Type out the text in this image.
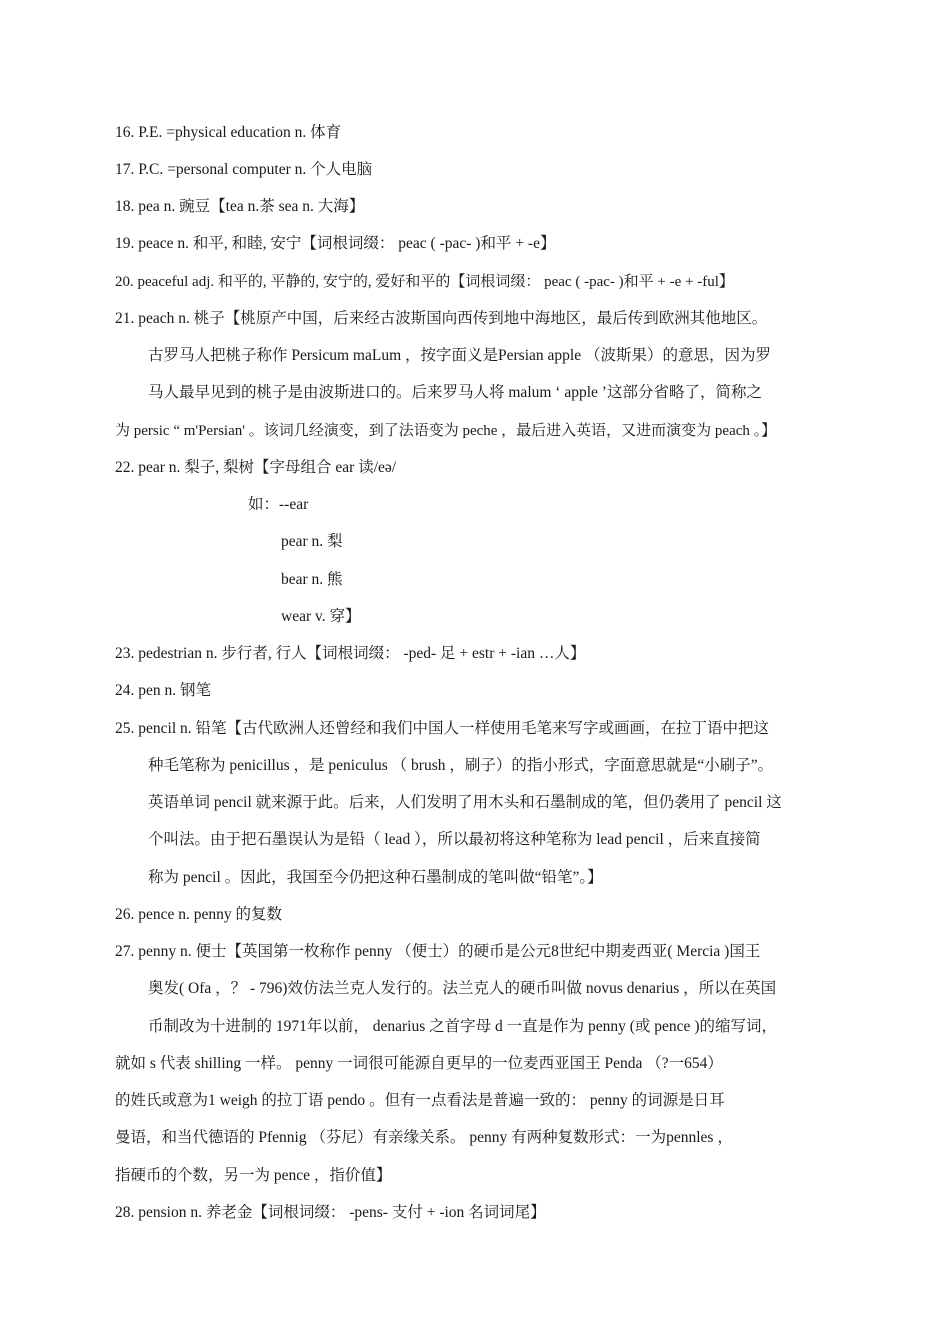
16. P.E. =physical education n. 体育
17. P.C. =personal computer n. 个人电脑
18. pea n. 豌豆【tea n.茶 sea n. 大海】
19. peace n. 和平, 和睦, 安宁【词根词缀： peac ( -pac- )和平 + -e】
20. peaceful adj. 和平的, 平静的, 安宁的, 爱好和平的【词根词缀： peac ( -pac- )和平 + -e + -ful】
21. peach n. 桃子【桃原产中国，后来经古波斯国向西传到地中海地区，最后传到欧洲其他地区。
古罗马人把桃子称作 Persicum maLum ，按字面义是Persian apple （波斯果）的意思，因为罗
马人最早见到的桃子是由波斯进口的。后来罗马人将 malum ‘ apple ’这部分省略了，简称之
为 persic “ m'Persian' 。该词几经演变，到了法语变为 peche ，最后进入英语，又进而演变为 peach 。】
22. pear n. 梨子, 梨树【字母组合 ear 读/eə/
如：--ear
pear n. 梨
bear n. 熊
wear v. 穿】
23. pedestrian n. 步行者, 行人【词根词缀： -ped- 足 + estr + -ian …人】
24. pen n. 钢笔
25. pencil n. 铅笔【古代欧洲人还曾经和我们中国人一样使用毛笔来写字或画画，在拉丁语中把这
种毛笔称为 penicillus ，是 peniculus （ brush ，刷子）的指小形式，字面意思就是“小刷子”。
英语单词 pencil 就来源于此。后来，人们发明了用木头和石墨制成的笔，但仍袭用了 pencil 这
个叫法。由于把石墨误认为是铅（ lead ），所以最初将这种笔称为 lead pencil ，后来直接简
称为 pencil 。因此，我国至今仍把这种石墨制成的笔叫做“铅笔”。】
26. pence n. penny 的复数
27. penny n. 便士【英国第一枚称作 penny （便士）的硬币是公元8世纪中期麦西亚( Mercia )国王
奥发( Ofa ，？ - 796)效仿法兰克人发行的。法兰克人的硬币叫做 novus denarius ，所以在英国
币制改为十进制的 1971年以前， denarius 之首字母 d 一直是作为 penny (或 pence )的缩写词，
就如 s 代表 shilling 一样。 penny 一词很可能源自更早的一位麦西亚国王 Penda （?一654）
的姓氏或意为1 weigh 的拉丁语 pendo 。但有一点看法是普遍一致的： penny 的词源是日耳
曼语，和当代德语的 Pfennig （芬尼）有亲缘关系。 penny 有两种复数形式：一为pennles ，
指硬币的个数，另一为 pence ，指价值】
28. pension n. 养老金【词根词缀： -pens- 支付 + -ion 名词词尾】
